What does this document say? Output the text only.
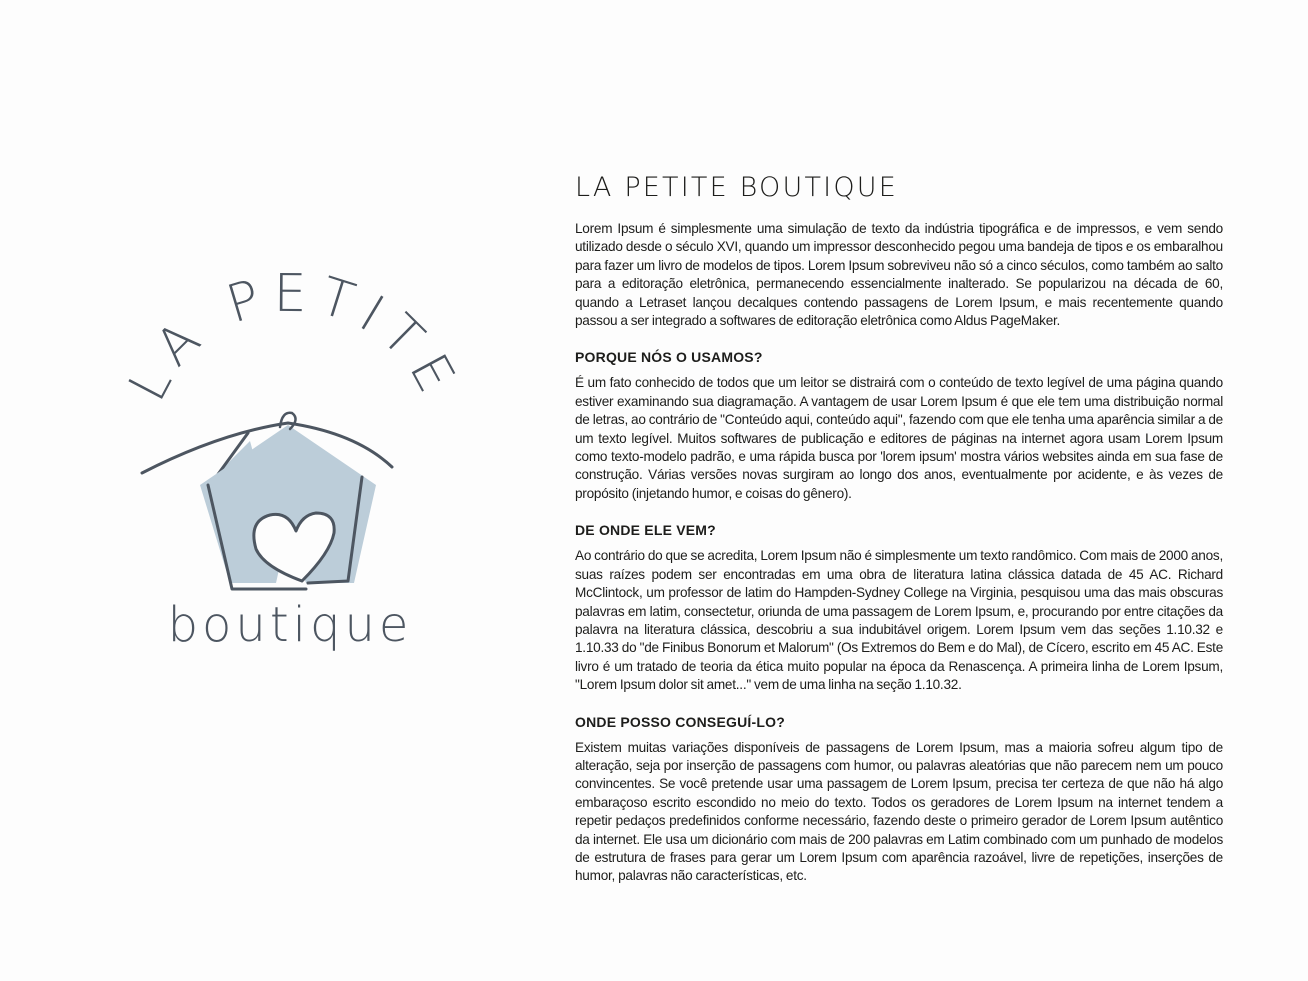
LA PETITE
boutique
LA PETITE BOUTIQUE

Lorem Ipsum é simplesmente uma simulação de texto da indústria tipográfica e de impressos, e vem sendo utilizado desde o século XVI, quando um impressor desconhecido pegou uma bandeja de tipos e os embaralhou para fazer um livro de modelos de tipos. Lorem Ipsum sobreviveu não só a cinco séculos, como também ao salto para a editoração eletrônica, permanecendo essencialmente inalterado. Se popularizou na década de 60, quando a Letraset lançou decalques contendo passagens de Lorem Ipsum, e mais recentemente quando passou a ser integrado a softwares de editoração eletrônica como Aldus PageMaker.

PORQUE NÓS O USAMOS?

É um fato conhecido de todos que um leitor se distrairá com o conteúdo de texto legível de uma página quando estiver examinando sua diagramação. A vantagem de usar Lorem Ipsum é que ele tem uma distribuição normal de letras, ao contrário de "Conteúdo aqui, conteúdo aqui", fazendo com que ele tenha uma aparência similar a de um texto legível. Muitos softwares de publicação e editores de páginas na internet agora usam Lorem Ipsum como texto-modelo padrão, e uma rápida busca por 'lorem ipsum' mostra vários websites ainda em sua fase de construção. Várias versões novas surgiram ao longo dos anos, eventualmente por acidente, e às vezes de propósito (injetando humor, e coisas do gênero).

DE ONDE ELE VEM?

Ao contrário do que se acredita, Lorem Ipsum não é simplesmente um texto randômico. Com mais de 2000 anos, suas raízes podem ser encontradas em uma obra de literatura latina clássica datada de 45 AC. Richard McClintock, um professor de latim do Hampden-Sydney College na Virginia, pesquisou uma das mais obscuras palavras em latim, consectetur, oriunda de uma passagem de Lorem Ipsum, e, procurando por entre citações da palavra na literatura clássica, descobriu a sua indubitável origem. Lorem Ipsum vem das seções 1.10.32 e 1.10.33 do "de Finibus Bonorum et Malorum" (Os Extremos do Bem e do Mal), de Cícero, escrito em 45 AC. Este livro é um tratado de teoria da ética muito popular na época da Renascença. A primeira linha de Lorem Ipsum, "Lorem Ipsum dolor sit amet..." vem de uma linha na seção 1.10.32.

ONDE POSSO CONSEGUÍ-LO?

Existem muitas variações disponíveis de passagens de Lorem Ipsum, mas a maioria sofreu algum tipo de alteração, seja por inserção de passagens com humor, ou palavras aleatórias que não parecem nem um pouco convincentes. Se você pretende usar uma passagem de Lorem Ipsum, precisa ter certeza de que não há algo embaraçoso escrito escondido no meio do texto. Todos os geradores de Lorem Ipsum na internet tendem a repetir pedaços predefinidos conforme necessário, fazendo deste o primeiro gerador de Lorem Ipsum autêntico da internet. Ele usa um dicionário com mais de 200 palavras em Latim combinado com um punhado de modelos de estrutura de frases para gerar um Lorem Ipsum com aparência razoável, livre de repetições, inserções de humor, palavras não características, etc.
